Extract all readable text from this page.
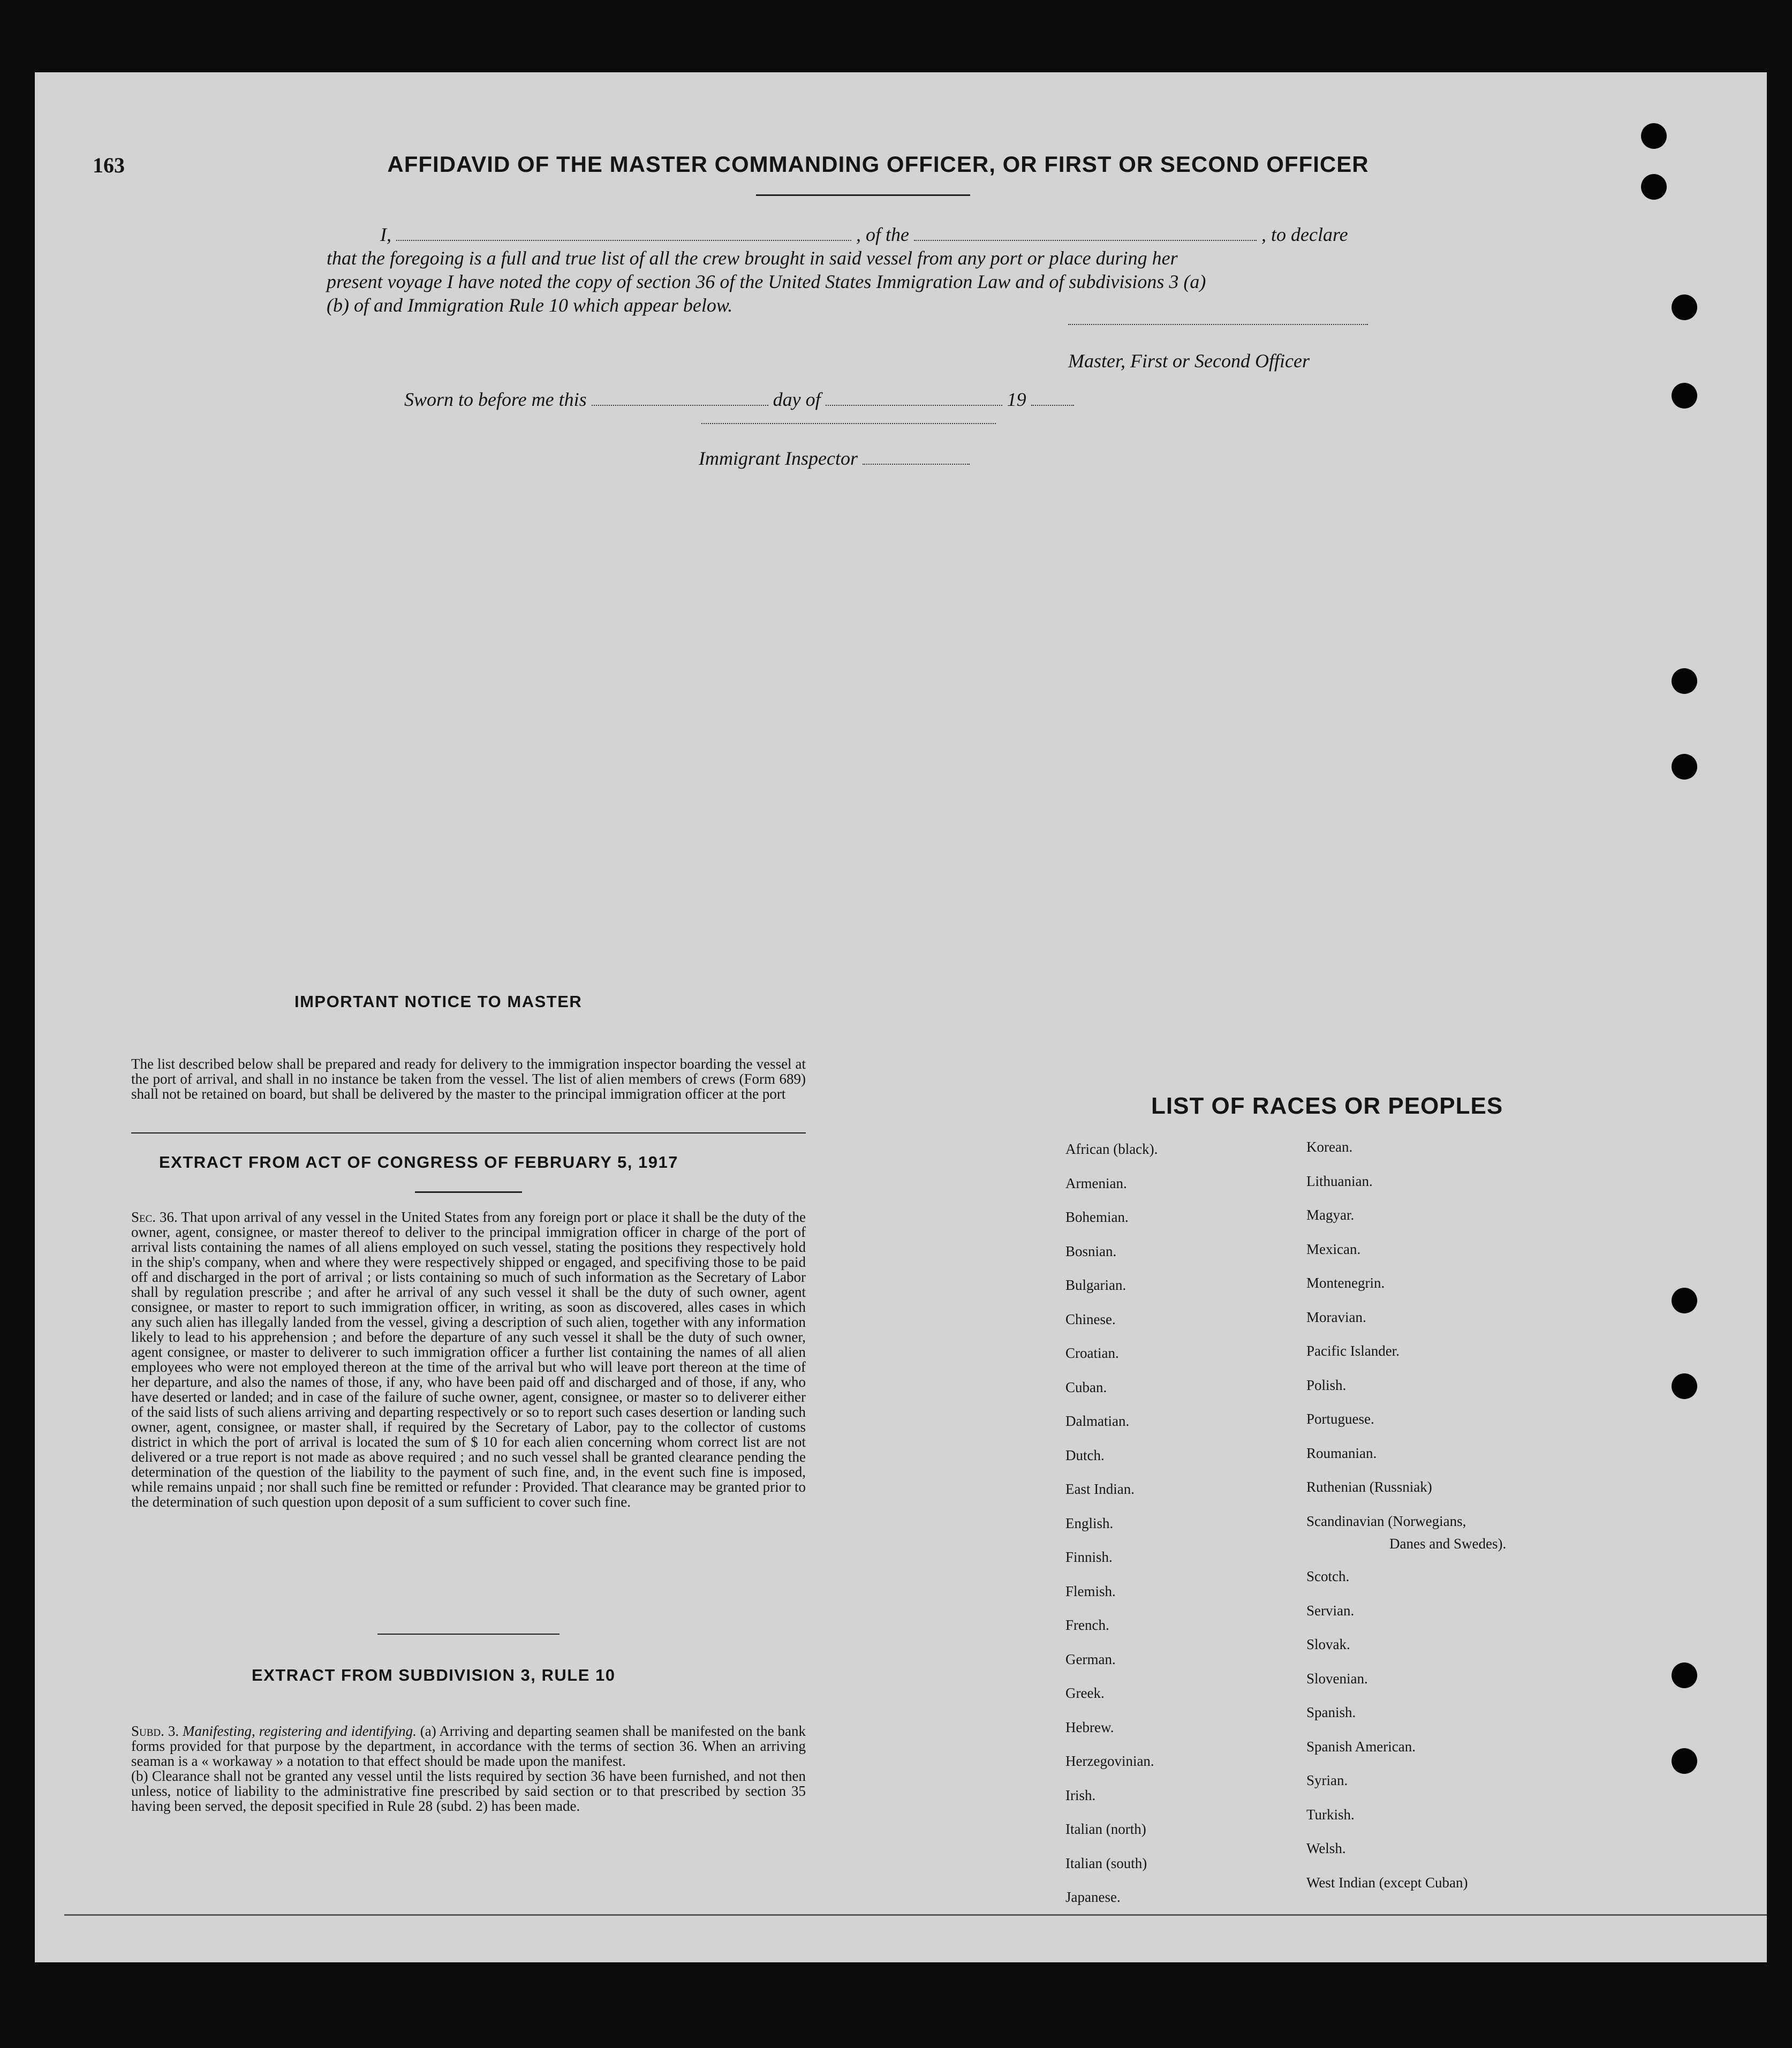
163	AFFIDAVID OF THE MASTER COMMANDING OFFICER, OR FIRST OR SECOND OFFICER
I,	, of the	, to declare
that the foregoing is a full and true list of all the crew brought in said vessel from any port or place during her
present voyage I have noted the copy of section 36 of the United States Immigration Law and of subdivisions 3 (a)
(b) of and Immigration Rule 10 which appear below.
Master, First or Second Officer
Sworn to before me this	day of	19
Immigrant Inspector
IMPORTANT NOTICE TO MASTER
The list described below shall be prepared and ready for delivery to the immigration inspector boarding the vessel at the port of arrival, and shall in no instance be taken from the vessel. The list of alien members of crews (Form 689) shall not be retained on board, but shall be delivered by the master to the principal immigration officer at the port
EXTRACT FROM ACT OF CONGRESS OF FEBRUARY 5, 1917
Sec. 36. That upon arrival of any vessel in the United States from any foreign port or place it shall be the duty of the owner, agent, consignee, or master thereof to deliver to the principal immigration officer in charge of the port of arrival lists containing the names of all aliens employed on such vessel, stating the positions they respectively hold in the ship's company, when and where they were respectively shipped or engaged, and specifiving those to be paid off and discharged in the port of arrival ; or lists containing so much of such information as the Secretary of Labor shall by regulation prescribe ; and after he arrival of any such vessel it shall be the duty of such owner, agent consignee, or master to report to such immigration officer, in writing, as soon as discovered, alles cases in which any such alien has illegally landed from the vessel, giving a description of such alien, together with any information likely to lead to his apprehension ; and before the departure of any such vessel it shall be the duty of such owner, agent consignee, or master to deliverer to such immigration officer a further list containing the names of all alien employees who were not employed thereon at the time of the arrival but who will leave port thereon at the time of her departure, and also the names of those, if any, who have been paid off and discharged and of those, if any, who have deserted or landed; and in case of the failure of suche owner, agent, consignee, or master so to deliverer either of the said lists of such aliens arriving and departing respectively or so to report such cases desertion or landing such owner, agent, consignee, or master shall, if required by the Secretary of Labor, pay to the collector of customs district in which the port of arrival is located the sum of $ 10 for each alien concerning whom correct list are not delivered or a true report is not made as above required ; and no such vessel shall be granted clearance pending the determination of the question of the liability to the payment of such fine, and, in the event such fine is imposed, while remains unpaid ; nor shall such fine be remitted or refunder : Provided. That clearance may be granted prior to the determination of such question upon deposit of a sum sufficient to cover such fine.
EXTRACT FROM SUBDIVISION 3, RULE 10
Subd. 3. Manifesting, registering and identifying. (a) Arriving and departing seamen shall be manifested on the bank forms provided for that purpose by the department, in accordance with the terms of section 36. When an arriving seaman is a « workaway » a notation to that effect should be made upon the manifest.
(b) Clearance shall not be granted any vessel until the lists required by section 36 have been furnished, and not then unless, notice of liability to the administrative fine prescribed by said section or to that prescribed by section 35 having been served, the deposit specified in Rule 28 (subd. 2) has been made.
LIST OF RACES OR PEOPLES
African (black).
Armenian.
Bohemian.
Bosnian.
Bulgarian.
Chinese.
Croatian.
Cuban.
Dalmatian.
Dutch.
East Indian.
English.
Finnish.
Flemish.
French.
German.
Greek.
Hebrew.
Herzegovinian.
Irish.
Italian (north)
Italian (south)
Japanese.
Korean.
Lithuanian.
Magyar.
Mexican.
Montenegrin.
Moravian.
Pacific Islander.
Polish.
Portuguese.
Roumanian.
Ruthenian (Russniak)
Scandinavian (Norwegians,
Scotch.
Servian.
Slovak.
Slovenian.
Spanish.
Spanish American.
Syrian.
Turkish.
Welsh.
West Indian (except Cuban)
Danes and Swedes).
